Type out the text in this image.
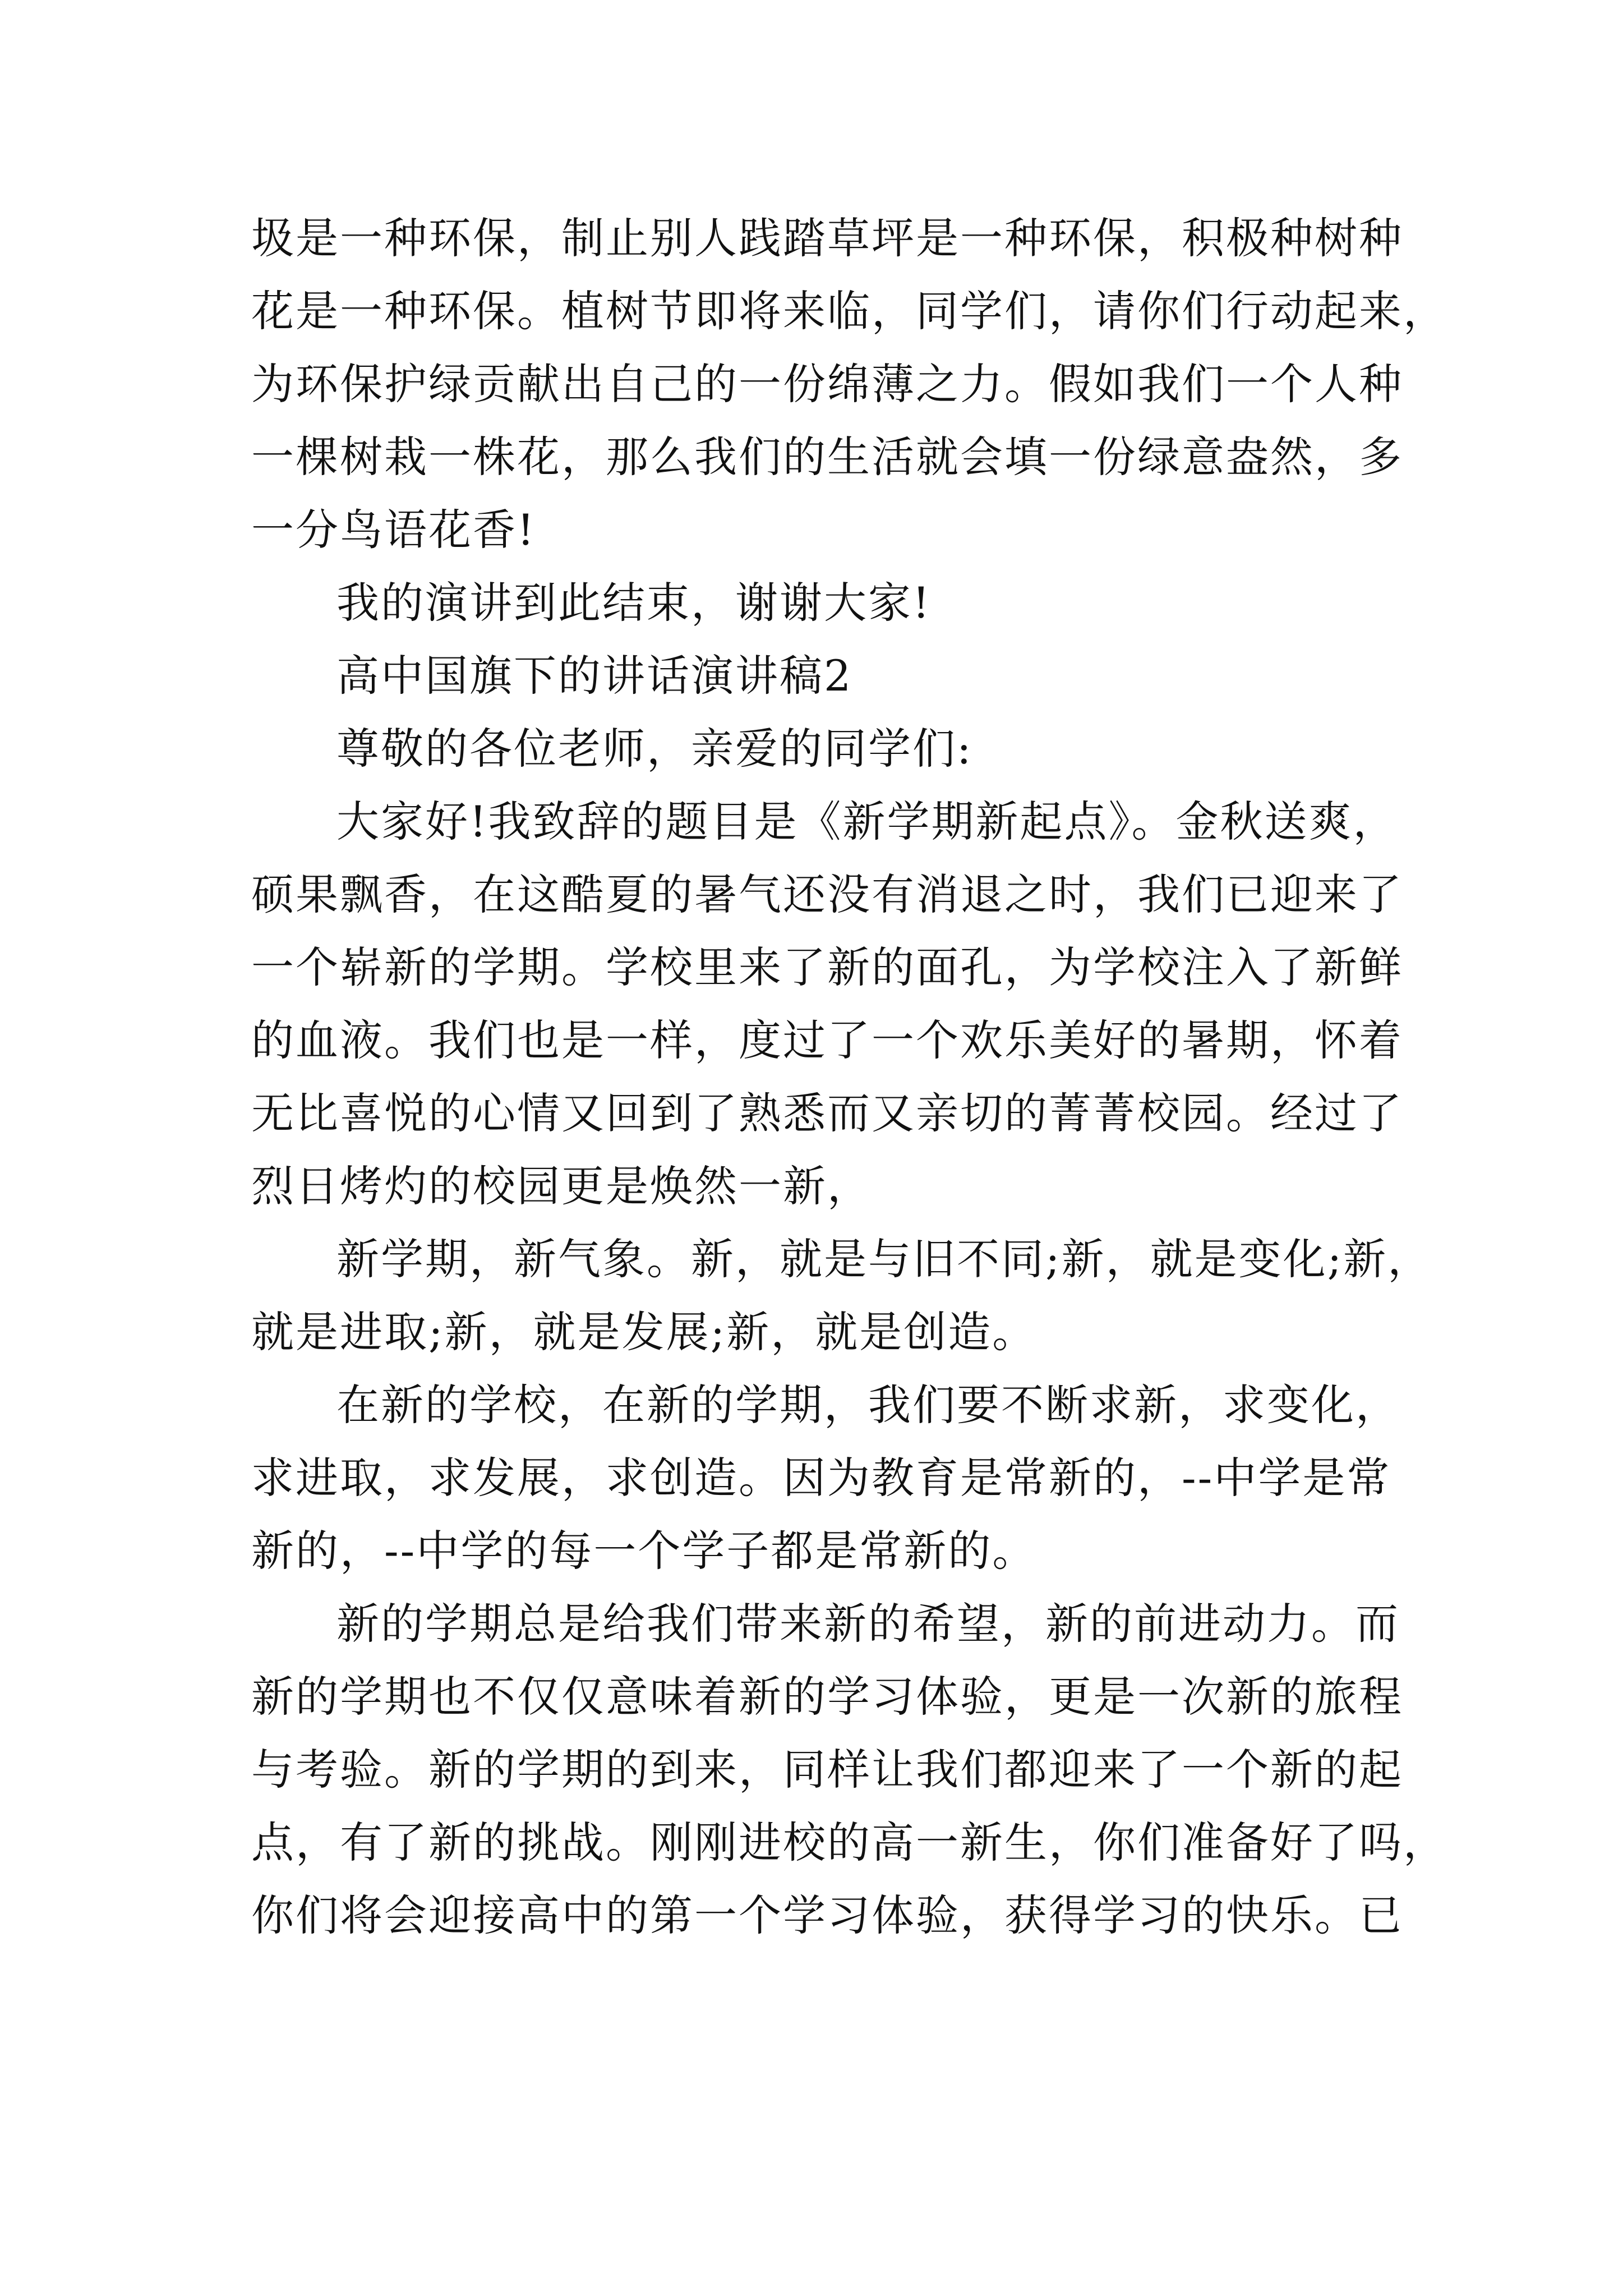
圾是一种环保，制止别人践踏草坪是一种环保，积极种树种
花是一种环保。植树节即将来临，同学们，请你们行动起来，
为环保护绿贡献出自己的一份绵薄之力。假如我们一个人种
一棵树栽一株花，那么我们的生活就会填一份绿意盎然，多
一分鸟语花香!
我的演讲到此结束，谢谢大家!
高中国旗下的讲话演讲稿2
尊敬的各位老师，亲爱的同学们:
大家好!我致辞的题目是《新学期新起点》。金秋送爽，
硕果飘香，在这酷夏的暑气还没有消退之时，我们已迎来了
一个崭新的学期。学校里来了新的面孔，为学校注入了新鲜
的血液。我们也是一样，度过了一个欢乐美好的暑期，怀着
无比喜悦的心情又回到了熟悉而又亲切的菁菁校园。经过了
烈日烤灼的校园更是焕然一新，
新学期，新气象。新，就是与旧不同;新，就是变化;新，
就是进取;新，就是发展;新，就是创造。
在新的学校，在新的学期，我们要不断求新，求变化，
求进取，求发展，求创造。因为教育是常新的，--中学是常
新的，--中学的每一个学子都是常新的。
新的学期总是给我们带来新的希望，新的前进动力。而
新的学期也不仅仅意味着新的学习体验，更是一次新的旅程
与考验。新的学期的到来，同样让我们都迎来了一个新的起
点，有了新的挑战。刚刚进校的高一新生，你们准备好了吗，
你们将会迎接高中的第一个学习体验，获得学习的快乐。已
